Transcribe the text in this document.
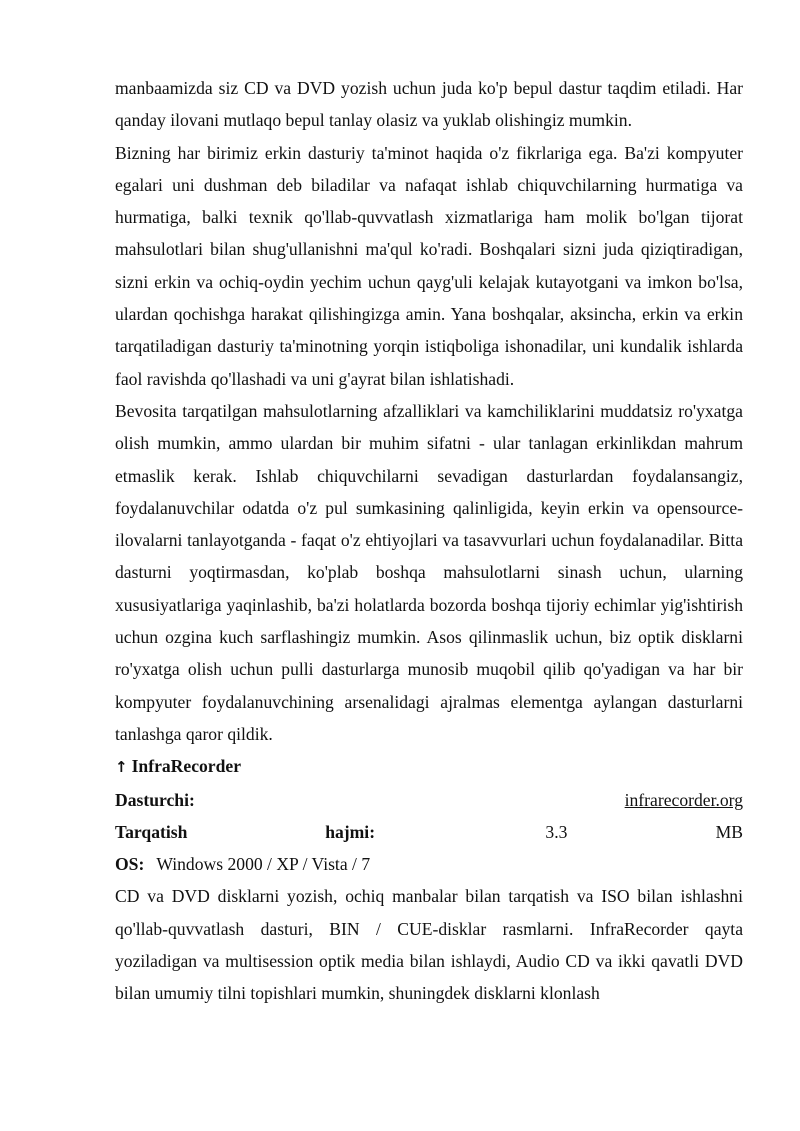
manbaamizda siz CD va DVD yozish uchun juda ko'p bepul dastur taqdim etiladi. Har qanday ilovani mutlaqo bepul tanlay olasiz va yuklab olishingiz mumkin.

Bizning har birimiz erkin dasturiy ta'minot haqida o'z fikrlariga ega. Ba'zi kompyuter egalari uni dushman deb biladilar va nafaqat ishlab chiquvchilarning hurmatiga va hurmatiga, balki texnik qo'llab-quvvatlash xizmatlariga ham molik bo'lgan tijorat mahsulotlari bilan shug'ullanishni ma'qul ko'radi. Boshqalari sizni juda qiziqtiradigan, sizni erkin va ochiq-oydin yechim uchun qayg'uli kelajak kutayotgani va imkon bo'lsa, ulardan qochishga harakat qilishingizga amin. Yana boshqalar, aksincha, erkin va erkin tarqatiladigan dasturiy ta'minotning yorqin istiqboliga ishonadilar, uni kundalik ishlarda faol ravishda qo'llashadi va uni g'ayrat bilan ishlatishadi.

Bevosita tarqatilgan mahsulotlarning afzalliklari va kamchiliklarini muddatsiz ro'yxatga olish mumkin, ammo ulardan bir muhim sifatni - ular tanlagan erkinlikdan mahrum etmaslik kerak. Ishlab chiquvchilarni sevadigan dasturlardan foydalansangiz, foydalanuvchilar odatda o'z pul sumkasining qalinligida, keyin erkin va opensource-ilovalarni tanlayotganda - faqat o'z ehtiyojlari va tasavvurlari uchun foydalanadilar. Bitta dasturni yoqtirmasdan, ko'plab boshqa mahsulotlarni sinash uchun, ularning xususiyatlariga yaqinlashib, ba'zi holatlarda bozorda boshqa tijoriy echimlar yig'ishtirish uchun ozgina kuch sarflashingiz mumkin. Asos qilinmaslik uchun, biz optik disklarni ro'yxatga olish uchun pulli dasturlarga munosib muqobil qilib qo'yadigan va har bir kompyuter foydalanuvchining arsenalidagi ajralmas elementga aylangan dasturlarni tanlashga qaror qildik.

↑ InfraRecorder

Dasturchi:	infrarecorder.org
Tarqatish	hajmi:	3.3	MB
OS: Windows 2000 / XP / Vista / 7

CD va DVD disklarni yozish, ochiq manbalar bilan tarqatish va ISO bilan ishlashni qo'llab-quvvatlash dasturi, BIN / CUE-disklar rasmlarni. InfraRecorder qayta yoziladigan va multisession optik media bilan ishlaydi, Audio CD va ikki qavatli DVD bilan umumiy tilni topishlari mumkin, shuningdek disklarni klonlash
